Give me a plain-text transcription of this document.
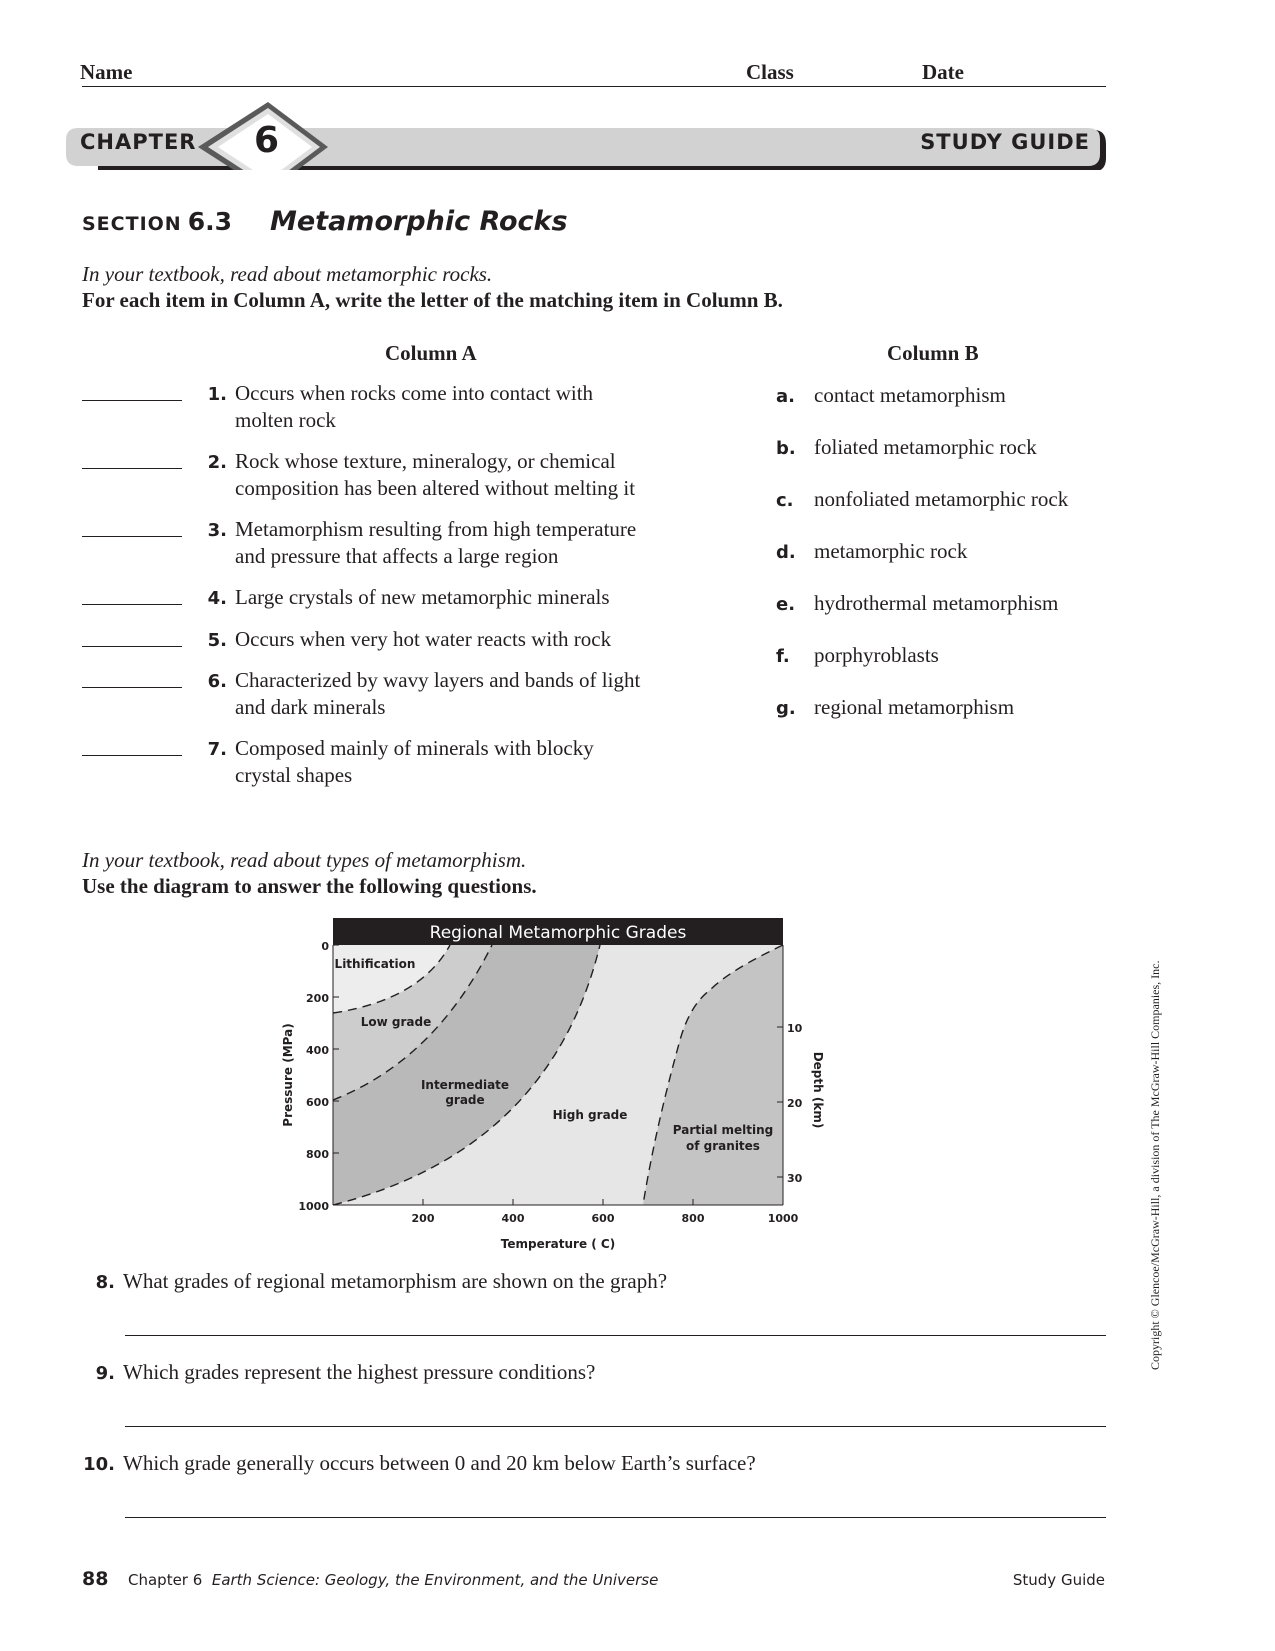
Name	Class	Date
CHAPTER 6	STUDY GUIDE
SECTION 6.3 Metamorphic Rocks
In your textbook, read about metamorphic rocks.
For each item in Column A, write the letter of the matching item in Column B.
Column A	Column B
1. Occurs when rocks come into contact with
molten rock
2. Rock whose texture, mineralogy, or chemical
composition has been altered without melting it
3. Metamorphism resulting from high temperature
and pressure that affects a large region
4. Large crystals of new metamorphic minerals
5. Occurs when very hot water reacts with rock
6. Characterized by wavy layers and bands of light
and dark minerals
7. Composed mainly of minerals with blocky
crystal shapes
a. contact metamorphism
b. foliated metamorphic rock
c. nonfoliated metamorphic rock
d. metamorphic rock
e. hydrothermal metamorphism
f. porphyroblasts
g. regional metamorphism
In your textbook, read about types of metamorphism.
Use the diagram to answer the following questions.
Regional Metamorphic Grades
0
200
400
600
800
1000
200	400	600	800	1000
10
20
30
Temperature ( C)
Pressure (MPa)	Depth (km)
Lithification
Low grade
Intermediate
grade
High grade
Partial melting
of granites
8. What grades of regional metamorphism are shown on the graph?
9. Which grades represent the highest pressure conditions?
10. Which grade generally occurs between 0 and 20 km below Earth’s surface?
88 Chapter 6 Earth Science: Geology, the Environment, and the Universe	Study Guide
Copyright © Glencoe/McGraw-Hill, a division of The McGraw-Hill Companies, Inc.
